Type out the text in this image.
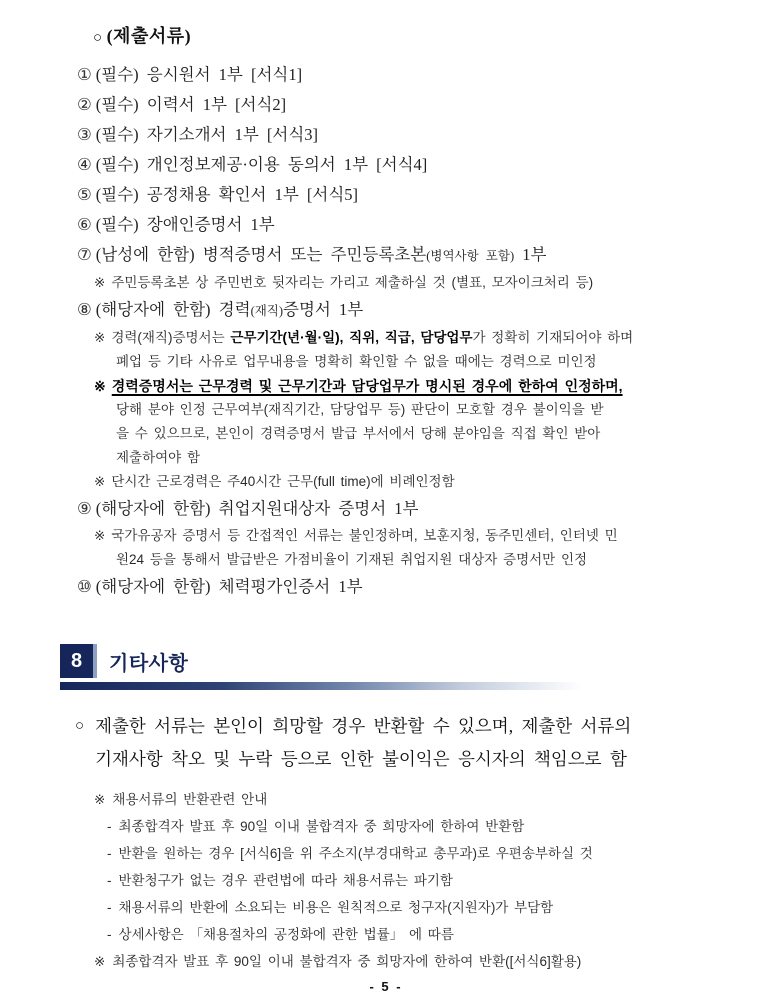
○ (제출서류)
① (필수) 응시원서 1부 [서식1]
② (필수) 이력서 1부 [서식2]
③ (필수) 자기소개서 1부 [서식3]
④ (필수) 개인정보제공·이용 동의서 1부 [서식4]
⑤ (필수) 공정채용 확인서 1부 [서식5]
⑥ (필수) 장애인증명서 1부
⑦ (남성에 한함) 병적증명서 또는 주민등록초본(병역사항 포함) 1부
※ 주민등록초본 상 주민번호 뒷자리는 가리고 제출하실 것 (별표, 모자이크처리 등)
⑧ (해당자에 한함) 경력(재직)증명서 1부
※ 경력(재직)증명서는 근무기간(년·월·일), 직위, 직급, 담당업무가 정확히 기재되어야 하며
폐업 등 기타 사유로 업무내용을 명확히 확인할 수 없을 때에는 경력으로 미인정
※ 경력증명서는 근무경력 및 근무기간과 담당업무가 명시된 경우에 한하여 인정하며,
당해 분야 인정 근무여부(재직기간, 담당업무 등) 판단이 모호할 경우 불이익을 받
을 수 있으므로, 본인이 경력증명서 발급 부서에서 당해 분야임을 직접 확인 받아
제출하여야 함
※ 단시간 근로경력은 주40시간 근무(full time)에 비례인정함
⑨ (해당자에 한함) 취업지원대상자 증명서 1부
※ 국가유공자 증명서 등 간접적인 서류는 불인정하며, 보훈지청, 동주민센터, 인터넷 민
원24 등을 통해서 발급받은 가점비율이 기재된 취업지원 대상자 증명서만 인정
⑩ (해당자에 한함) 체력평가인증서 1부
8	기타사항
○ 제출한 서류는 본인이 희망할 경우 반환할 수 있으며, 제출한 서류의
기재사항 착오 및 누락 등으로 인한 불이익은 응시자의 책임으로 함
※ 채용서류의 반환관련 안내
- 최종합격자 발표 후 90일 이내 불합격자 중 희망자에 한하여 반환함
- 반환을 원하는 경우 [서식6]을 위 주소지(부경대학교 총무과)로 우편송부하실 것
- 반환청구가 없는 경우 관련법에 따라 채용서류는 파기함
- 채용서류의 반환에 소요되는 비용은 원칙적으로 청구자(지원자)가 부담함
- 상세사항은 「채용절차의 공정화에 관한 법률」 에 따름
※ 최종합격자 발표 후 90일 이내 불합격자 중 희망자에 한하여 반환([서식6]활용)
- 5 -
